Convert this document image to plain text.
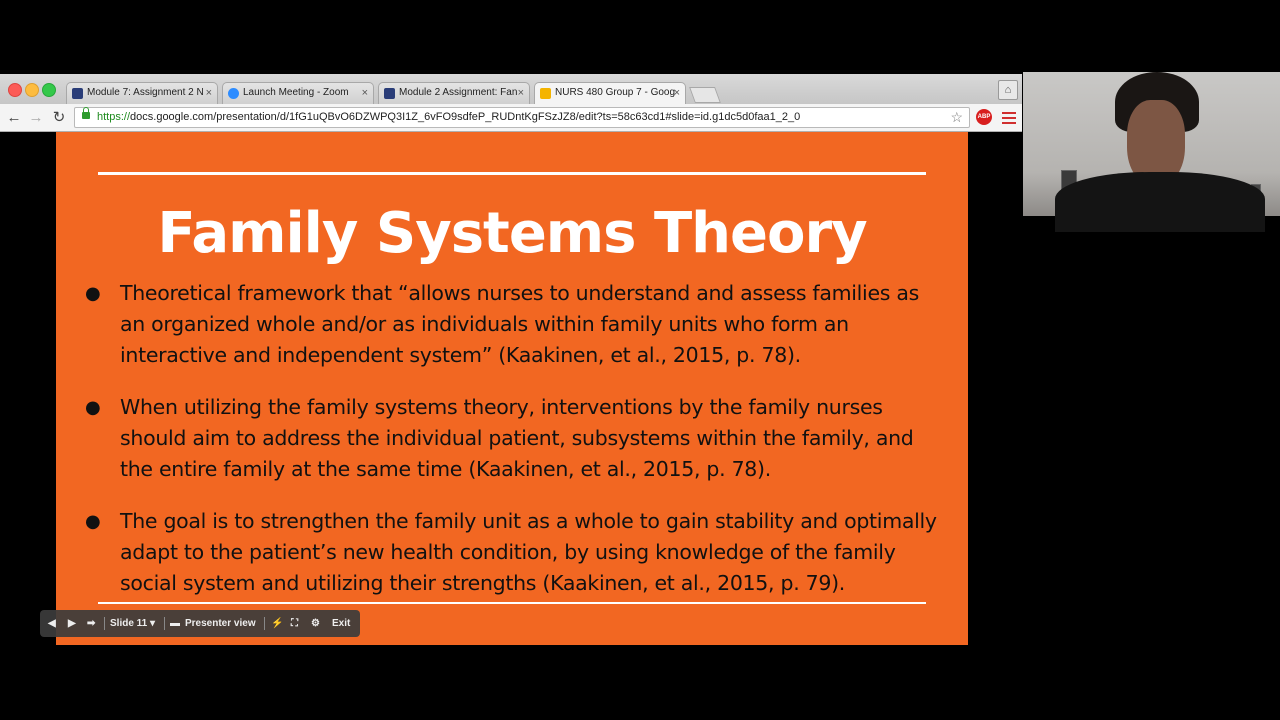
Module 7: Assignment 2 N ×	Launch Meeting - Zoom ×	Module 2 Assignment: Fan ×	NURS 480 Group 7 - Goog
×	⌂
← → ↻	https://docs.google.com/presentation/d/1fG1uQBvO6DZWPQ3I1Z_6vFO9sdfeP_RUDntKgFSzJZ8/edit?ts=58c63cd1#slide=id.g1dc5d0faa1_2_0	☆ ABP
Family Systems Theory
● Theoretical framework that “allows nurses to understand and assess families as an organized whole and/or as individuals within family units who form an interactive and independent system” (Kaakinen, et al., 2015, p. 78).
● When utilizing the family systems theory, interventions by the family nurses should aim to address the individual patient, subsystems within the family, and the entire family at the same time (Kaakinen, et al., 2015, p. 78).
● The goal is to strengthen the family unit as a whole to gain stability and optimally adapt to the patient’s new health condition, by using knowledge of the family social system and utilizing their strengths (Kaakinen, et al., 2015, p. 79).
◀ ▶ ➡ Slide 11 ▾ ▬ Presenter view ⚡ ⛶ ⚙ Exit
